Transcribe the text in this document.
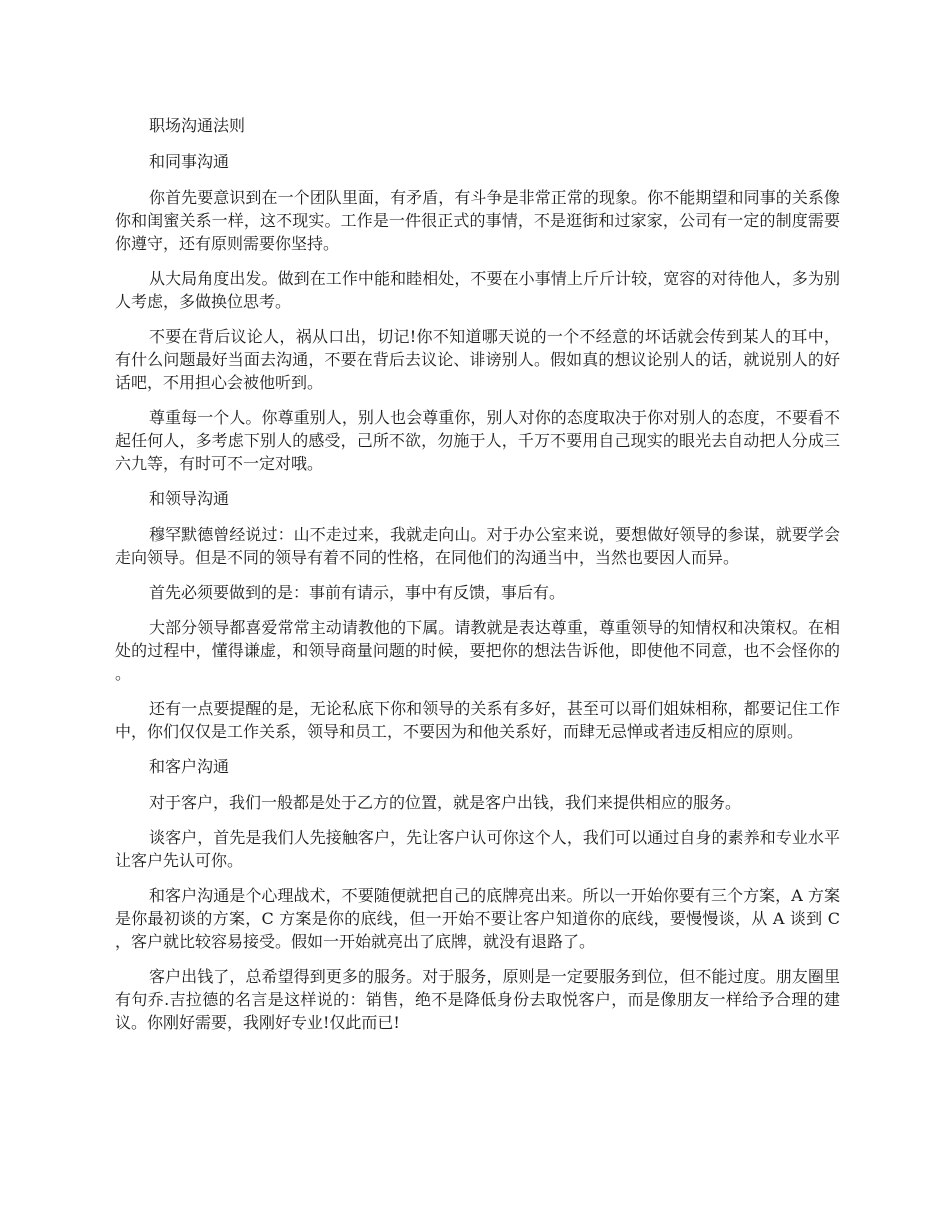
职场沟通法则

和同事沟通

你首先要意识到在一个团队里面，有矛盾，有斗争是非常正常的现象。你不能期望和同事的关系像你和闺蜜关系一样，这不现实。工作是一件很正式的事情，不是逛街和过家家，公司有一定的制度需要你遵守，还有原则需要你坚持。

从大局角度出发。做到在工作中能和睦相处，不要在小事情上斤斤计较，宽容的对待他人，多为别人考虑，多做换位思考。

不要在背后议论人，祸从口出，切记!你不知道哪天说的一个不经意的坏话就会传到某人的耳中，有什么问题最好当面去沟通，不要在背后去议论、诽谤别人。假如真的想议论别人的话，就说别人的好话吧，不用担心会被他听到。

尊重每一个人。你尊重别人，别人也会尊重你，别人对你的态度取决于你对别人的态度，不要看不起任何人，多考虑下别人的感受，己所不欲，勿施于人，千万不要用自己现实的眼光去自动把人分成三六九等，有时可不一定对哦。

和领导沟通

穆罕默德曾经说过：山不走过来，我就走向山。对于办公室来说，要想做好领导的参谋，就要学会走向领导。但是不同的领导有着不同的性格，在同他们的沟通当中，当然也要因人而异。

首先必须要做到的是：事前有请示，事中有反馈，事后有。

大部分领导都喜爱常常主动请教他的下属。请教就是表达尊重，尊重领导的知情权和决策权。在相处的过程中，懂得谦虚，和领导商量问题的时候，要把你的想法告诉他，即使他不同意，也不会怪你的。

还有一点要提醒的是，无论私底下你和领导的关系有多好，甚至可以哥们姐妹相称，都要记住工作中，你们仅仅是工作关系，领导和员工，不要因为和他关系好，而肆无忌惮或者违反相应的原则。

和客户沟通

对于客户，我们一般都是处于乙方的位置，就是客户出钱，我们来提供相应的服务。

谈客户，首先是我们人先接触客户，先让客户认可你这个人，我们可以通过自身的素养和专业水平让客户先认可你。

和客户沟通是个心理战术，不要随便就把自己的底牌亮出来。所以一开始你要有三个方案，A 方案是你最初谈的方案，C 方案是你的底线，但一开始不要让客户知道你的底线，要慢慢谈，从 A 谈到 C，客户就比较容易接受。假如一开始就亮出了底牌，就没有退路了。

客户出钱了，总希望得到更多的服务。对于服务，原则是一定要服务到位，但不能过度。朋友圈里有句乔.吉拉德的名言是这样说的：销售，绝不是降低身份去取悦客户，而是像朋友一样给予合理的建议。你刚好需要，我刚好专业!仅此而已!
